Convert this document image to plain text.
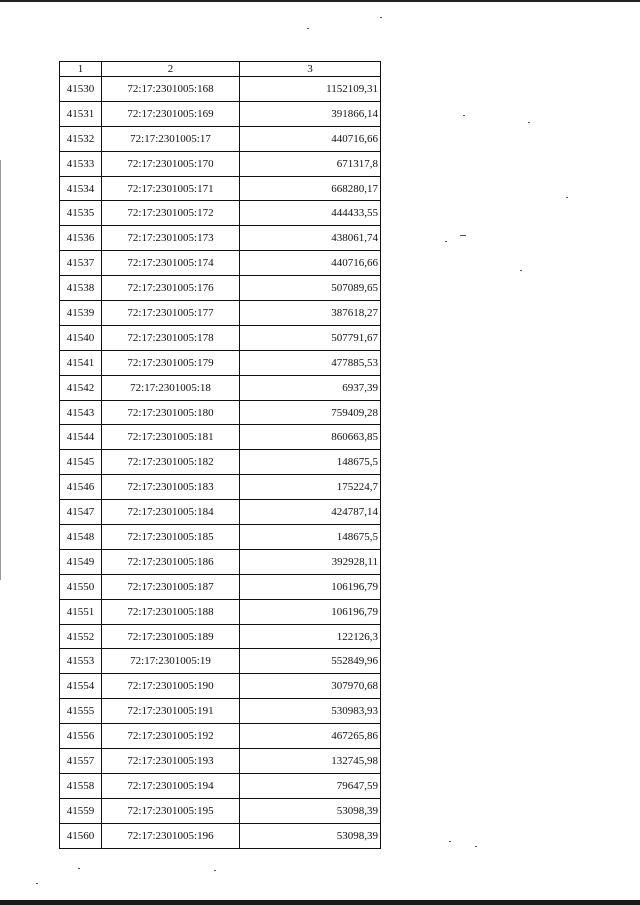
1	2	3
41530	72:17:2301005:168	1152109,31
41531	72:17:2301005:169	391866,14
41532	72:17:2301005:17	440716,66
41533	72:17:2301005:170	671317,8
41534	72:17:2301005:171	668280,17
41535	72:17:2301005:172	444433,55
41536	72:17:2301005:173	438061,74
41537	72:17:2301005:174	440716,66
41538	72:17:2301005:176	507089,65
41539	72:17:2301005:177	387618,27
41540	72:17:2301005:178	507791,67
41541	72:17:2301005:179	477885,53
41542	72:17:2301005:18	6937,39
41543	72:17:2301005:180	759409,28
41544	72:17:2301005:181	860663,85
41545	72:17:2301005:182	148675,5
41546	72:17:2301005:183	175224,7
41547	72:17:2301005:184	424787,14
41548	72:17:2301005:185	148675,5
41549	72:17:2301005:186	392928,11
41550	72:17:2301005:187	106196,79
41551	72:17:2301005:188	106196,79
41552	72:17:2301005:189	122126,3
41553	72:17:2301005:19	552849,96
41554	72:17:2301005:190	307970,68
41555	72:17:2301005:191	530983,93
41556	72:17:2301005:192	467265,86
41557	72:17:2301005:193	132745,98
41558	72:17:2301005:194	79647,59
41559	72:17:2301005:195	53098,39
41560	72:17:2301005:196	53098,39
